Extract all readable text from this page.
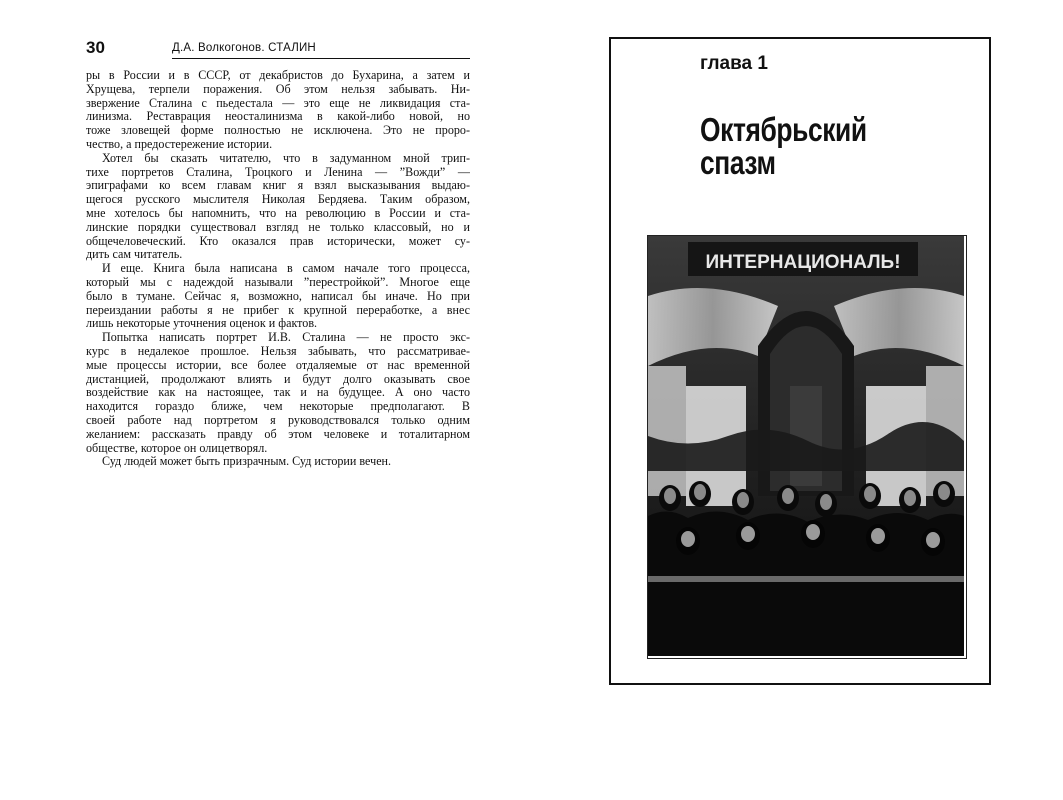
30	Д.А. Волкогонов. СТАЛИН
ры в России и в СССР, от декабристов до Бухарина, а затем и
Хрущева, терпели поражения. Об этом нельзя забывать. Ни-
звержение Сталина с пьедестала — это еще не ликвидация ста-
линизма. Реставрация неосталинизма в какой-либо новой, но
тоже зловещей форме полностью не исключена. Это не проро-
чество, а предостережение истории.
Хотел бы сказать читателю, что в задуманном мной трип-
тихе портретов Сталина, Троцкого и Ленина — ”Вожди” —
эпиграфами ко всем главам книг я взял высказывания выдаю-
щегося русского мыслителя Николая Бердяева. Таким образом,
мне хотелось бы напомнить, что на революцию в России и ста-
линские порядки существовал взгляд не только классовый, но и
общечеловеческий. Кто оказался прав исторически, может су-
дить сам читатель.
И еще. Книга была написана в самом начале того процесса,
который мы с надеждой называли ”перестройкой”. Многое еще
было в тумане. Сейчас я, возможно, написал бы иначе. Но при
переиздании работы я не прибег к крупной переработке, а внес
лишь некоторые уточнения оценок и фактов.
Попытка написать портрет И.В. Сталина — не просто экс-
курс в недалекое прошлое. Нельзя забывать, что рассматривае-
мые процессы истории, все более отдаляемые от нас временной
дистанцией, продолжают влиять и будут долго оказывать свое
воздействие как на настоящее, так и на будущее. А оно часто
находится гораздо ближе, чем некоторые предполагают. В
своей работе над портретом я руководствовался только одним
желанием: рассказать правду об этом человеке и тоталитарном
обществе, которое он олицетворял.
Суд людей может быть призрачным. Суд истории вечен.
глава 1
Октябрьский
спазм
ИНТЕРНАЦИОНАЛЬ!
